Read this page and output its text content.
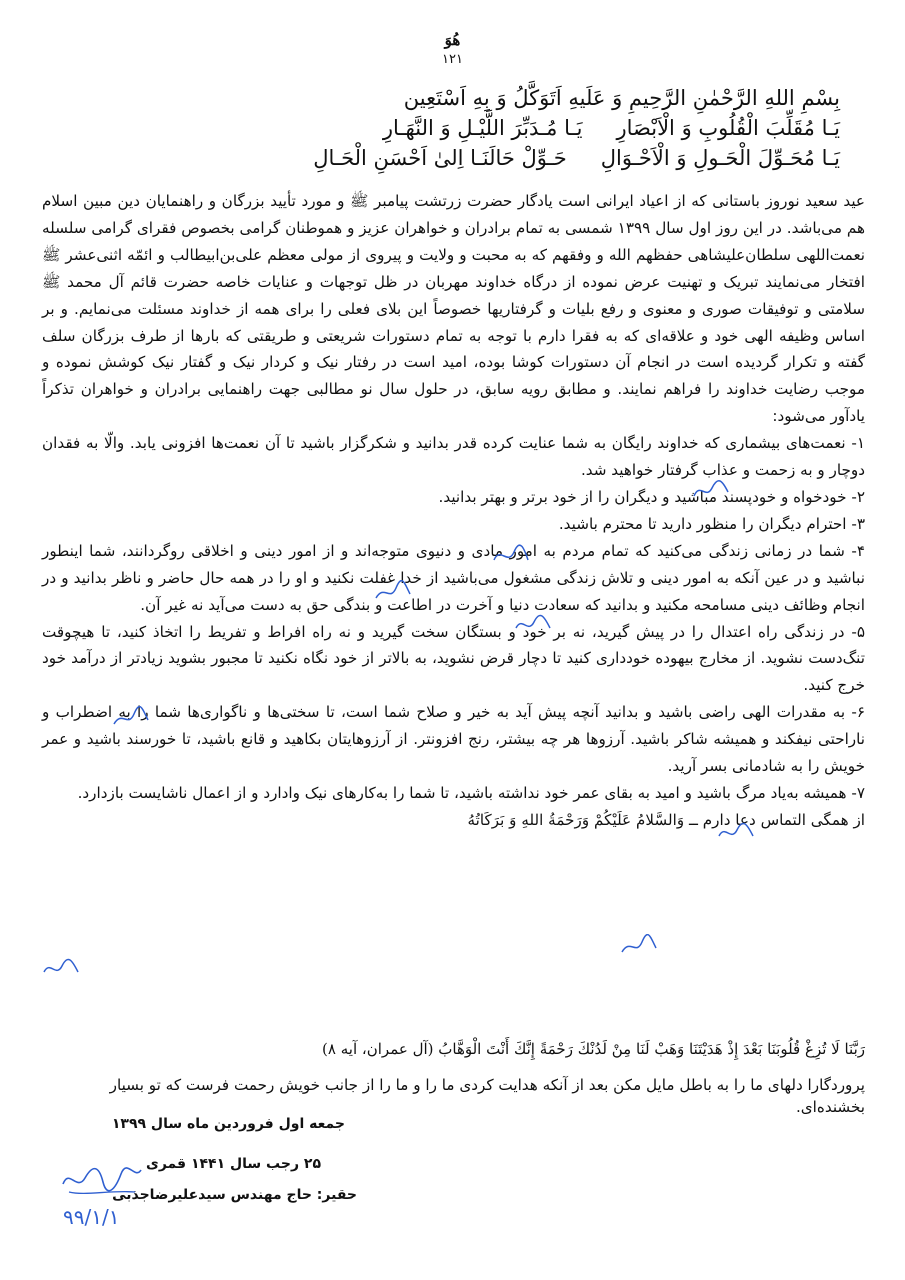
هُوَ
۱۲۱
بِسْمِ اللهِ الرَّحْمٰنِ الرَّحِيمِ وَ عَلَيهِ اَتَوَكَّلُ وَ بِهِ اَسْتَعِين
يَـا مُقَلِّبَ الْقُلُوبِ وَ الْاَبْصَارِيَـا مُـدَبِّرَ اللَّيْـلِ وَ النَّهَـارِ
يَـا مُحَـوِّلَ الْحَـولِ وَ الْاَحْـوَالِحَـوِّلْ حَالَنَـا اِلىٰ اَحْسَنِ الْحَـالِ

عید سعید نوروز باستانی که از اعیاد ایرانی است یادگار حضرت زرتشت پیامبر ﷺ و مورد تأیید بزرگان و راهنمایان دین مبین اسلام هم می‌باشد. در این روز اول سال ۱۳۹۹ شمسی به تمام برادران و خواهران عزیز و هموطنان گرامی بخصوص فقرای گرامی سلسله نعمت‌اللهی سلطان‌علیشاهی حفظهم الله و وفقهم که به محبت و ولایت و پیروی از مولی معظم علی‌بن‌ابیطالب و ائمّه اثنی‌عشر ﷺ افتخار می‌نمایند تبریک و تهنیت عرض نموده از درگاه خداوند مهربان در ظل توجهات و عنایات خاصه حضرت قائم آل محمد ﷺ سلامتی و توفیقات صوری و معنوی و رفع بلیات و گرفتاریها خصوصاً این بلای فعلی را برای همه از خداوند مسئلت می‌نمایم. و بر اساس وظیفه الهی خود و علاقه‌ای که به فقرا دارم با توجه به تمام دستورات شریعتی و طریقتی که بارها از طرف بزرگان سلف گفته و تکرار گردیده است در انجام آن دستورات کوشا بوده، امید است در رفتار نیک و کردار نیک و گفتار نیک کوشش نموده و موجب رضایت خداوند را فراهم نمایند. و مطابق رویه سابق، در حلول سال نو مطالبی جهت راهنمایی برادران و خواهران تذکراً یادآور می‌شود:

۱- نعمت‌های بیشماری که خداوند رایگان به شما عنایت کرده قدر بدانید و شکرگزار باشید تا آن نعمت‌ها افزونی یابد. والّا به فقدان دوچار و به زحمت و عذاب گرفتار خواهید شد.

۲- خودخواه و خودپسند مباشید و دیگران را از خود برتر و بهتر بدانید.

۳- احترام دیگران را منظور دارید تا محترم باشید.

۴- شما در زمانی زندگی می‌کنید که تمام مردم به امور مادی و دنیوی متوجه‌اند و از امور دینی و اخلاقی روگردانند، شما اینطور نباشید و در عین آنکه به امور دینی و تلاش زندگی مشغول می‌باشید از خدا غفلت نکنید و او را در همه حال حاضر و ناظر بدانید و در انجام وظائف دینی مسامحه مکنید و بدانید که سعادت دنیا و آخرت در اطاعت و بندگی حق به دست می‌آید نه غیر آن.

۵- در زندگی راه اعتدال را در پیش گیرید، نه بر خود و بستگان سخت گیرید و نه راه افراط و تفریط را اتخاذ کنید، تا هیچوقت تنگ‌دست نشوید. از مخارج بیهوده خودداری کنید تا دچار قرض نشوید، به بالاتر از خود نگاه نکنید تا مجبور بشوید زیادتر از درآمد خود خرج کنید.

۶- به مقدرات الهی راضی باشید و بدانید آنچه پیش آید به خیر و صلاح شما است، تا سختی‌ها و ناگواری‌ها شما را به اضطراب و ناراحتی نیفکند و همیشه شاکر باشید. آرزوها هر چه بیشتر، رنج افزونتر. از آرزوهایتان بکاهید و قانع باشید، تا خورسند باشید و عمر خویش را به شادمانی بسر آرید.

۷- همیشه به‌یاد مرگ باشید و امید به بقای عمر خود نداشته باشید، تا شما را به‌کارهای نیک وادارد و از اعمال ناشایست بازدارد.

از همگی التماس دعا دارم ــ وَالسَّلامُ عَلَيْكُمْ وَرَحْمَةُ اللهِ وَ بَرَكَاتُهُ

رَبَّنَا لَا تُزِغْ قُلُوبَنَا بَعْدَ إِذْ هَدَيْتَنَا وَهَبْ لَنَا مِنْ لَدُنْكَ رَحْمَةً إِنَّكَ أَنْتَ الْوَهَّابُ (آل عمران، آیه ۸)
پروردگارا دلهای ما را به باطل مایل مکن بعد از آنکه هدایت کردی ما را و ما را از جانب خویش رحمت فرست که تو بسیار بخشنده‌ای.
جمعه اول فروردین ماه سال ۱۳۹۹
۲۵ رجب سال ۱۴۴۱ قمری
حقیر: حاج مهندس سیدعلیرضاجذبی
۹۹/۱/۱
